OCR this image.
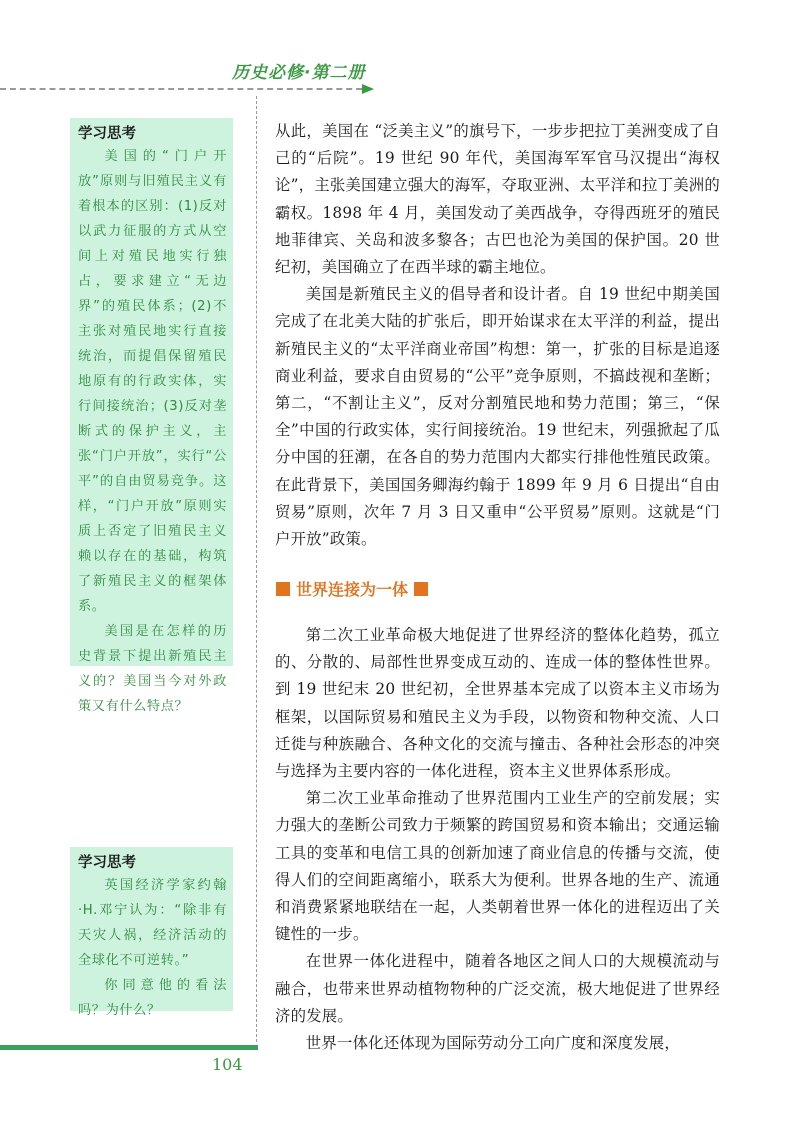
历史必修·第二册
学习思考

美国的“门户开放”原则与旧殖民主义有着根本的区别：(1)反对以武力征服的方式从空间上对殖民地实行独占，要求建立“无边界”的殖民体系；(2)不主张对殖民地实行直接统治，而提倡保留殖民地原有的行政实体，实行间接统治；(3)反对垄断式的保护主义，主张“门户开放”，实行“公平”的自由贸易竞争。这样，“门户开放”原则实质上否定了旧殖民主义赖以存在的基础，构筑了新殖民主义的框架体系。

美国是在怎样的历史背景下提出新殖民主义的？美国当今对外政策又有什么特点？

学习思考

英国经济学家约翰·H.邓宁认为：“除非有天灾人祸，经济活动的全球化不可逆转。”

你同意他的看法吗？为什么？

从此，美国在 “泛美主义”的旗号下，一步步把拉丁美洲变成了自己的“后院”。19 世纪 90 年代，美国海军军官马汉提出“海权论”，主张美国建立强大的海军，夺取亚洲、太平洋和拉丁美洲的霸权。1898 年 4 月，美国发动了美西战争，夺得西班牙的殖民地菲律宾、关岛和波多黎各；古巴也沦为美国的保护国。20 世纪初，美国确立了在西半球的霸主地位。

美国是新殖民主义的倡导者和设计者。自 19 世纪中期美国完成了在北美大陆的扩张后，即开始谋求在太平洋的利益，提出新殖民主义的“太平洋商业帝国”构想：第一，扩张的目标是追逐商业利益，要求自由贸易的“公平”竞争原则，不搞歧视和垄断；第二，“不割让主义”，反对分割殖民地和势力范围；第三，“保全”中国的行政实体，实行间接统治。19 世纪末，列强掀起了瓜分中国的狂潮，在各自的势力范围内大都实行排他性殖民政策。在此背景下，美国国务卿海约翰于 1899 年 9 月 6 日提出“自由贸易”原则，次年 7 月 3 日又重申“公平贸易”原则。这就是“门户开放”政策。

世界连接为一体

第二次工业革命极大地促进了世界经济的整体化趋势，孤立的、分散的、局部性世界变成互动的、连成一体的整体性世界。到 19 世纪末 20 世纪初，全世界基本完成了以资本主义市场为框架，以国际贸易和殖民主义为手段，以物资和物种交流、人口迁徙与种族融合、各种文化的交流与撞击、各种社会形态的冲突与选择为主要内容的一体化进程，资本主义世界体系形成。

第二次工业革命推动了世界范围内工业生产的空前发展；实力强大的垄断公司致力于频繁的跨国贸易和资本输出；交通运输工具的变革和电信工具的创新加速了商业信息的传播与交流，使得人们的空间距离缩小，联系大为便利。世界各地的生产、流通和消费紧紧地联结在一起，人类朝着世界一体化的进程迈出了关键性的一步。

在世界一体化进程中，随着各地区之间人口的大规模流动与融合，也带来世界动植物物种的广泛交流，极大地促进了世界经济的发展。

世界一体化还体现为国际劳动分工向广度和深度发展，

104
